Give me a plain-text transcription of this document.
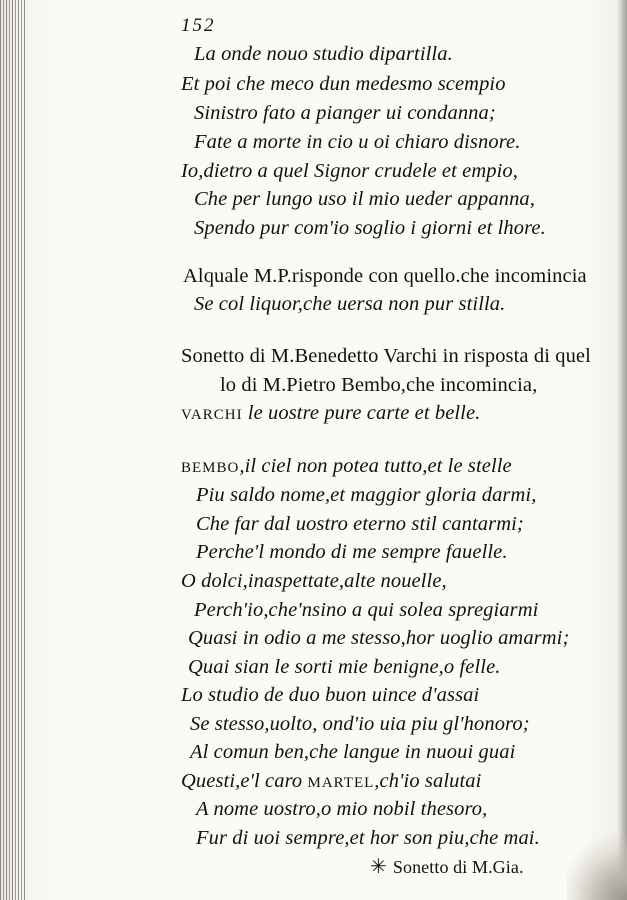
152
La onde nouo studio dipartilla.
Et poi che meco dun medesmo scempio
Sinistro fato a pianger ui condanna;
Fate a morte in cio u oi chiaro disnore.
Io,dietro a quel Signor crudele et empio,
Che per lungo uso il mio ueder appanna,
Spendo pur com'io soglio i giorni et lhore.
Alquale M.P.risponde con quello.che incomincia
Se col liquor,che uersa non pur stilla.
Sonetto di M.Benedetto Varchi in risposta di quel
lo di M.Pietro Bembo,che incomincia,
VARCHI le uostre pure carte et belle.
BEMBO,il ciel non potea tutto,et le stelle
Piu saldo nome,et maggior gloria darmi,
Che far dal uostro eterno stil cantarmi;
Perche'l mondo di me sempre fauelle.
O dolci,inaspettate,alte nouelle,
Perch'io,che'nsino a qui solea spregiarmi
Quasi in odio a me stesso,hor uoglio amarmi;
Quai sian le sorti mie benigne,o felle.
Lo studio de duo buon uince d'assai
Se stesso,uolto, ond'io uia piu gl'honoro;
Al comun ben,che langue in nuoui guai
Questi,e'l caro MARTEL,ch'io salutai
A nome uostro,o mio nobil thesoro,
Fur di uoi sempre,et hor son piu,che mai.
✳ Sonetto di M.Gia.
